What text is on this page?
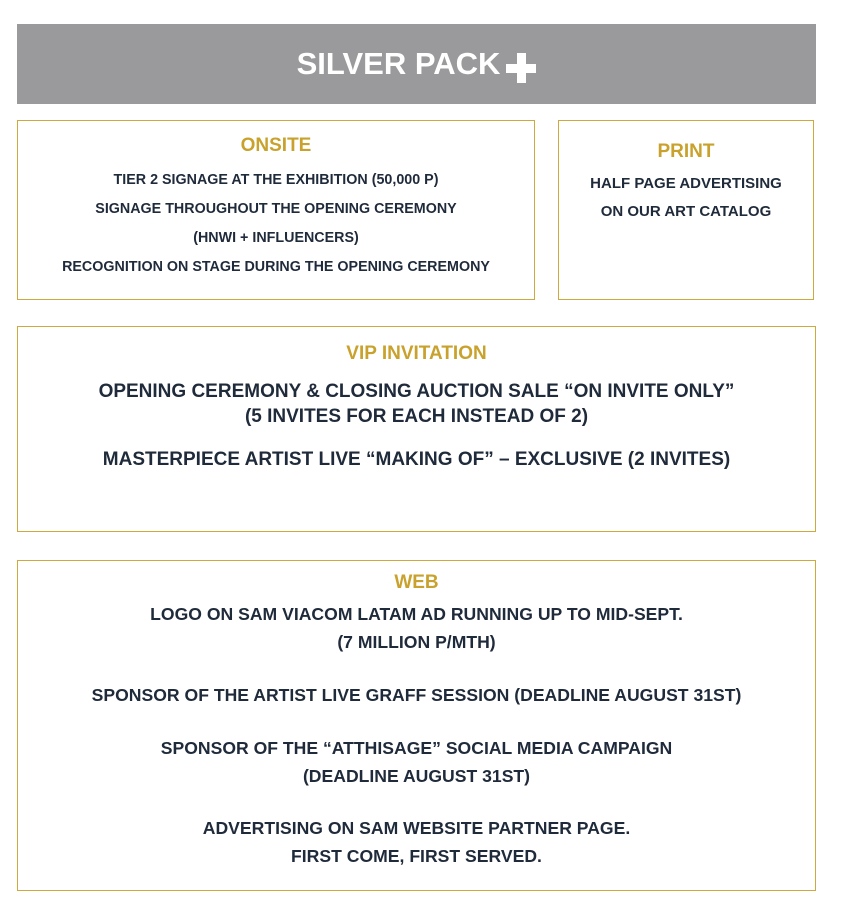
SILVER PACK
ONSITE
TIER 2 SIGNAGE AT THE EXHIBITION (50,000 P)
SIGNAGE THROUGHOUT THE OPENING CEREMONY
(HNWI + INFLUENCERS)
RECOGNITION ON STAGE DURING THE OPENING CEREMONY
PRINT
HALF PAGE ADVERTISING
ON OUR ART CATALOG
VIP INVITATION
OPENING CEREMONY & CLOSING AUCTION SALE “ON INVITE ONLY”
(5 INVITES FOR EACH INSTEAD OF 2)
MASTERPIECE ARTIST LIVE “MAKING OF” – EXCLUSIVE (2 INVITES)
WEB
LOGO ON SAM VIACOM LATAM AD RUNNING UP TO MID-SEPT.
(7 MILLION P/MTH)
SPONSOR OF THE ARTIST LIVE GRAFF SESSION (DEADLINE AUGUST 31ST)
SPONSOR OF THE “ATTHISAGE” SOCIAL MEDIA CAMPAIGN
(DEADLINE AUGUST 31ST)
ADVERTISING ON SAM WEBSITE PARTNER PAGE.
FIRST COME, FIRST SERVED.
